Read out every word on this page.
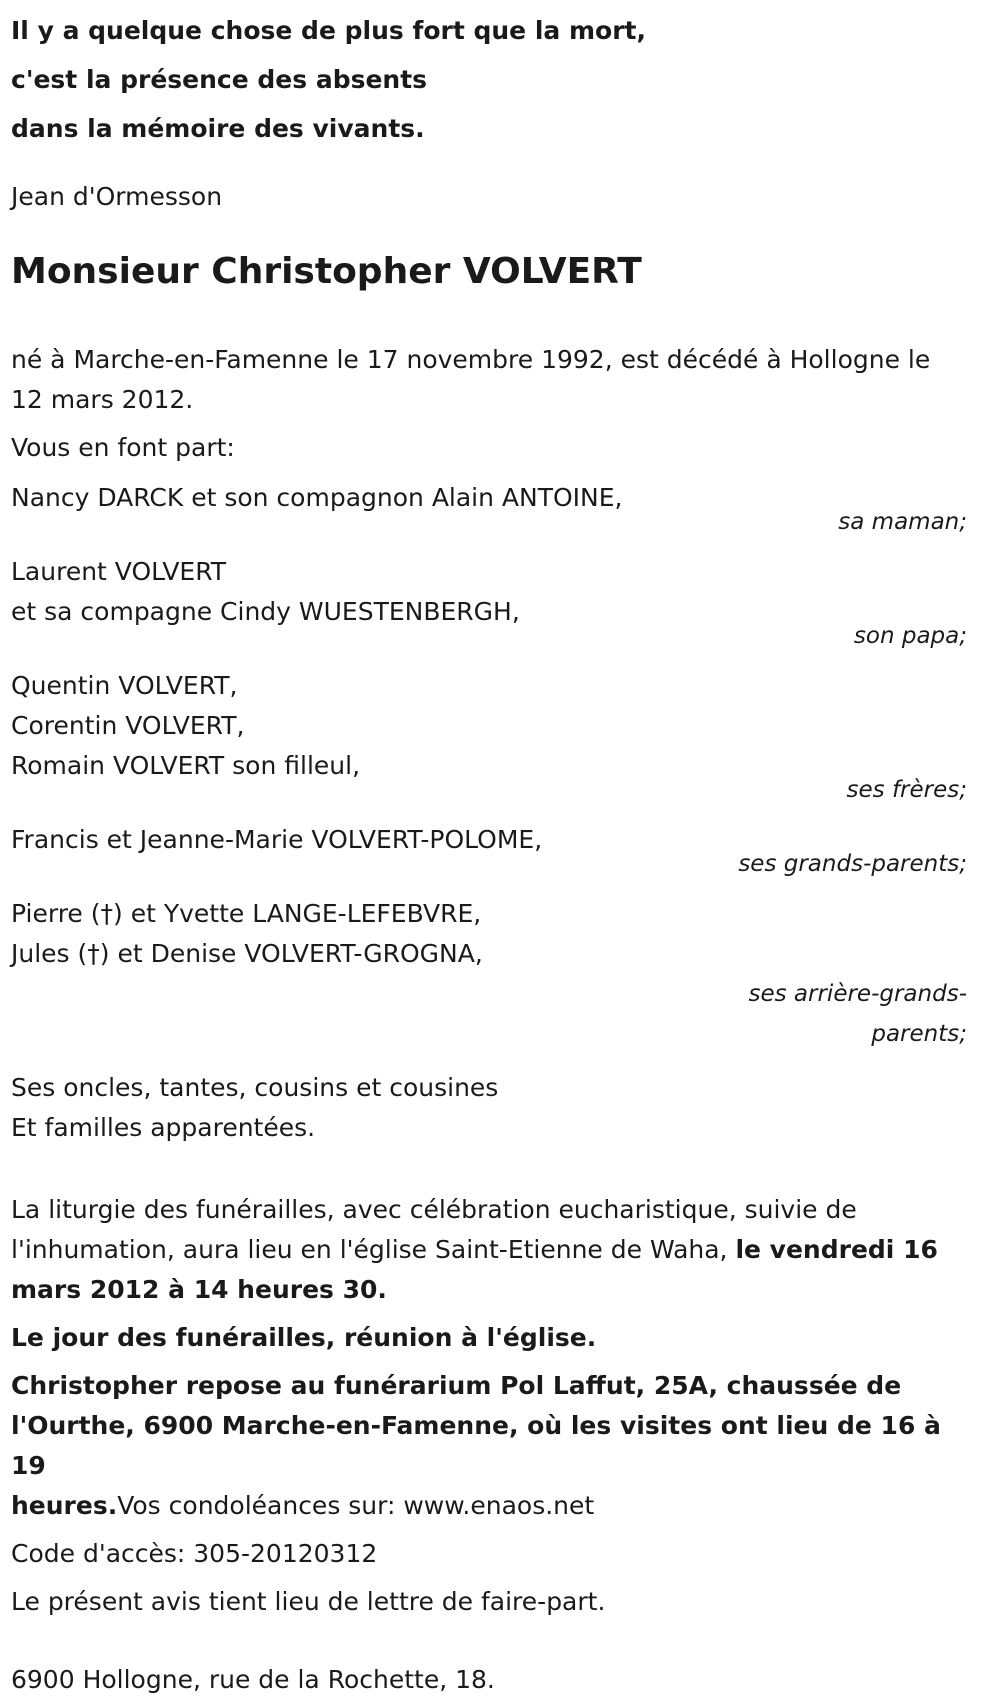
Il y a quelque chose de plus fort que la mort,
c'est la présence des absents
dans la mémoire des vivants.
Jean d'Ormesson
Monsieur Christopher VOLVERT
né à Marche-en-Famenne le 17 novembre 1992, est décédé à Hollogne le
12 mars 2012.
Vous en font part:
Nancy DARCK et son compagnon Alain ANTOINE,
sa maman;
Laurent VOLVERT
et sa compagne Cindy WUESTENBERGH,
son papa;
Quentin VOLVERT,
Corentin VOLVERT,
Romain VOLVERT son filleul,
ses frères;
Francis et Jeanne-Marie VOLVERT-POLOME,
ses grands-parents;
Pierre (†) et Yvette LANGE-LEFEBVRE,
Jules (†) et Denise VOLVERT-GROGNA,
ses arrière-grands-
parents;
Ses oncles, tantes, cousins et cousines
Et familles apparentées.
La liturgie des funérailles, avec célébration eucharistique, suivie de
l'inhumation, aura lieu en l'église Saint-Etienne de Waha, le vendredi 16
mars 2012 à 14 heures 30.
Le jour des funérailles, réunion à l'église.
Christopher repose au funérarium Pol Laffut, 25A, chaussée de
l'Ourthe, 6900 Marche-en-Famenne, où les visites ont lieu de 16 à 19
heures.Vos condoléances sur: www.enaos.net
Code d'accès: 305-20120312
Le présent avis tient lieu de lettre de faire-part.
6900 Hollogne, rue de la Rochette, 18.
